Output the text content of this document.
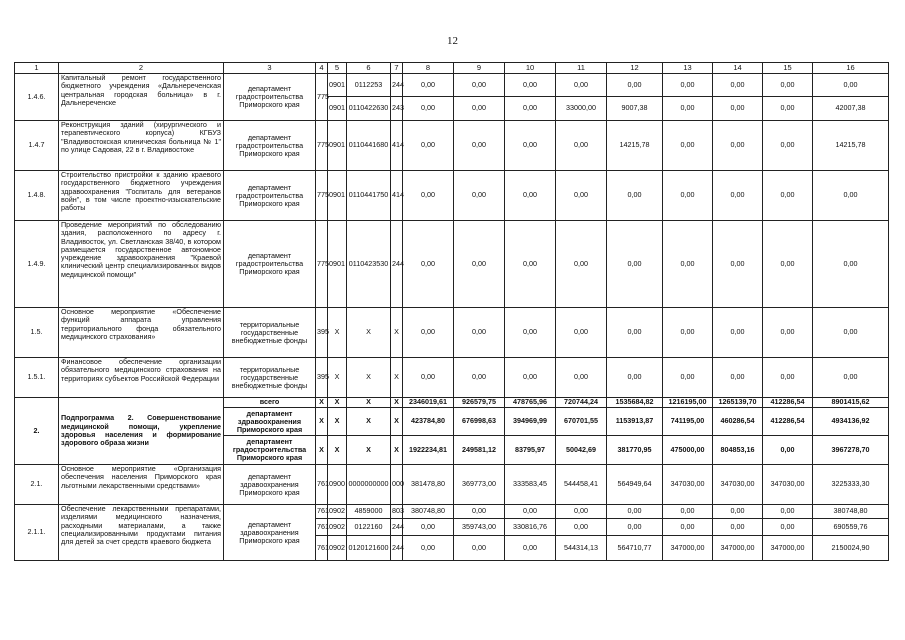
12
1	2	3	4	5	6	7	8	9	10	11	12	13	14	15	16
1.4.6.	Капитальный ремонт государственного бюджетного учреждения «Дальнереченская центральная городская больница» в г. Дальнереченске	департамент градостроительства Приморского края	775	0901	0112253	244	0,00	0,00	0,00	0,00	0,00	0,00	0,00	0,00	0,00
				0901	0110422630	243	0,00	0,00	0,00	33000,00	9007,38	0,00	0,00	0,00	42007,38
1.4.7	Реконструкция зданий (хирургического и терапевтического корпуса) КГБУЗ "Владивостокская клиническая больница № 1" по улице Садовая, 22 в г. Владивостоке	департамент градостроительства Приморского края	775	0901	0110441680	414	0,00	0,00	0,00	0,00	14215,78	0,00	0,00	0,00	14215,78
1.4.8.	Строительство пристройки к зданию краевого государственного бюджетного учреждения здравоохранения "Госпиталь для ветеранов войн", в том числе проектно-изыскательские работы	департамент градостроительства Приморского края	775	0901	0110441750	414	0,00	0,00	0,00	0,00	0,00	0,00	0,00	0,00	0,00
1.4.9.	Проведение мероприятий по обследованию здания, расположенного по адресу г. Владивосток, ул. Светланская 38/40, в котором размещается государственное автономное учреждение здравоохранения "Краевой клинический центр специализированных видов медицинской помощи"	департамент градостроительства Приморского края	775	0901	0110423530	244	0,00	0,00	0,00	0,00	0,00	0,00	0,00	0,00	0,00
1.5.	Основное мероприятие «Обеспечение функций аппарата управления территориального фонда обязательного медицинского страхования»	территориальные государственные внебюджетные фонды	395	X	X	X	0,00	0,00	0,00	0,00	0,00	0,00	0,00	0,00	0,00
1.5.1.	Финансовое обеспечение организации обязательного медицинского страхования на территориях субъектов Российской Федерации	территориальные государственные внебюджетные фонды	395	X	X	X	0,00	0,00	0,00	0,00	0,00	0,00	0,00	0,00	0,00
2.	Подпрограмма 2. Совершенствование медицинской помощи, укрепление здоровья населения и формирование здорового образа жизни	всего	X	X	X	X	2346019,61	926579,75	478765,96	720744,24	1535684,82	1216195,00	1265139,70	412286,54	8901415,62
		департамент здравоохранения Приморского края	X	X	X	X	423784,80	676998,63	394969,99	670701,55	1153913,87	741195,00	460286,54	412286,54	4934136,92
		департамент градостроительства Приморского края	X	X	X	X	1922234,81	249581,12	83795,97	50042,69	381770,95	475000,00	804853,16	0,00	3967278,70
2.1.	Основное мероприятие «Организация обеспечения населения Приморского края льготными лекарственными средствами»	департамент здравоохранения Приморского края	761	0900	0000000000	000	381478,80	369773,00	333583,45	544458,41	564949,64	347030,00	347030,00	347030,00	3225333,30
2.1.1.	Обеспечение лекарственными препаратами, изделиями медицинского назначения, расходными материалами, а также специализированными продуктами питания для детей за счет средств краевого бюджета	департамент здравоохранения Приморского края	761	0902	4859000	803	380748,80	0,00	0,00	0,00	0,00	0,00	0,00	0,00	380748,80
			761	0902	0122160	244	0,00	359743,00	330816,76	0,00	0,00	0,00	0,00	0,00	690559,76
			761	0902	0120121600	244	0,00	0,00	0,00	544314,13	564710,77	347000,00	347000,00	347000,00	2150024,90
